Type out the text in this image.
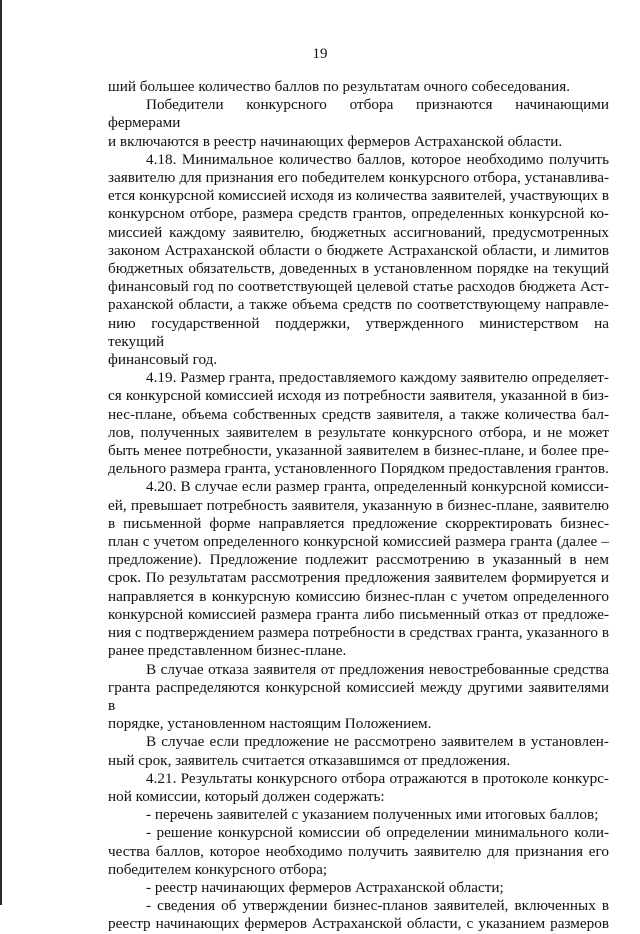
19

ший большее количество баллов по результатам очного собеседования.

Победители конкурсного отбора признаются начинающими фермерами

и включаются в реестр начинающих фермеров Астраханской области.

4.18. Минимальное количество баллов, которое необходимо получить

заявителю для признания его победителем конкурсного отбора, устанавлива-

ется конкурсной комиссией исходя из количества заявителей, участвующих в

конкурсном отборе, размера средств грантов, определенных конкурсной ко-

миссией каждому заявителю, бюджетных ассигнований, предусмотренных

законом Астраханской области о бюджете Астраханской области, и лимитов

бюджетных обязательств, доведенных в установленном порядке на текущий

финансовый год по соответствующей целевой статье расходов бюджета Аст-

раханской области, а также объема средств по соответствующему направле-

нию государственной поддержки, утвержденного министерством на текущий

финансовый год.

4.19. Размер гранта, предоставляемого каждому заявителю определяет-

ся конкурсной комиссией исходя из потребности заявителя, указанной в биз-

нес-плане, объема собственных средств заявителя, а также количества бал-

лов, полученных заявителем в результате конкурсного отбора, и не может

быть менее потребности, указанной заявителем в бизнес-плане, и более пре-

дельного размера гранта, установленного Порядком предоставления грантов.

4.20. В случае если размер гранта, определенный конкурсной комисси-

ей, превышает потребность заявителя, указанную в бизнес-плане, заявителю

в письменной форме направляется предложение скорректировать бизнес-

план с учетом определенного конкурсной комиссией размера гранта (далее –

предложение). Предложение подлежит рассмотрению в указанный в нем

срок. По результатам рассмотрения предложения заявителем формируется и

направляется в конкурсную комиссию бизнес-план с учетом определенного

конкурсной комиссией размера гранта либо письменный отказ от предложе-

ния с подтверждением размера потребности в средствах гранта, указанного в

ранее представленном бизнес-плане.

В случае отказа заявителя от предложения невостребованные средства

гранта распределяются конкурсной комиссией между другими заявителями в

порядке, установленном настоящим Положением.

В случае если предложение не рассмотрено заявителем в установлен-

ный срок, заявитель считается отказавшимся от предложения.

4.21. Результаты конкурсного отбора отражаются в протоколе конкурс-

ной комиссии, который должен содержать:

- перечень заявителей с указанием полученных ими итоговых баллов;

- решение конкурсной комиссии об определении минимального коли-

чества баллов, которое необходимо получить заявителю для признания его

победителем конкурсного отбора;

- реестр начинающих фермеров Астраханской области;

- сведения об утверждении бизнес-планов заявителей, включенных в

реестр начинающих фермеров Астраханской области, с указанием размеров
